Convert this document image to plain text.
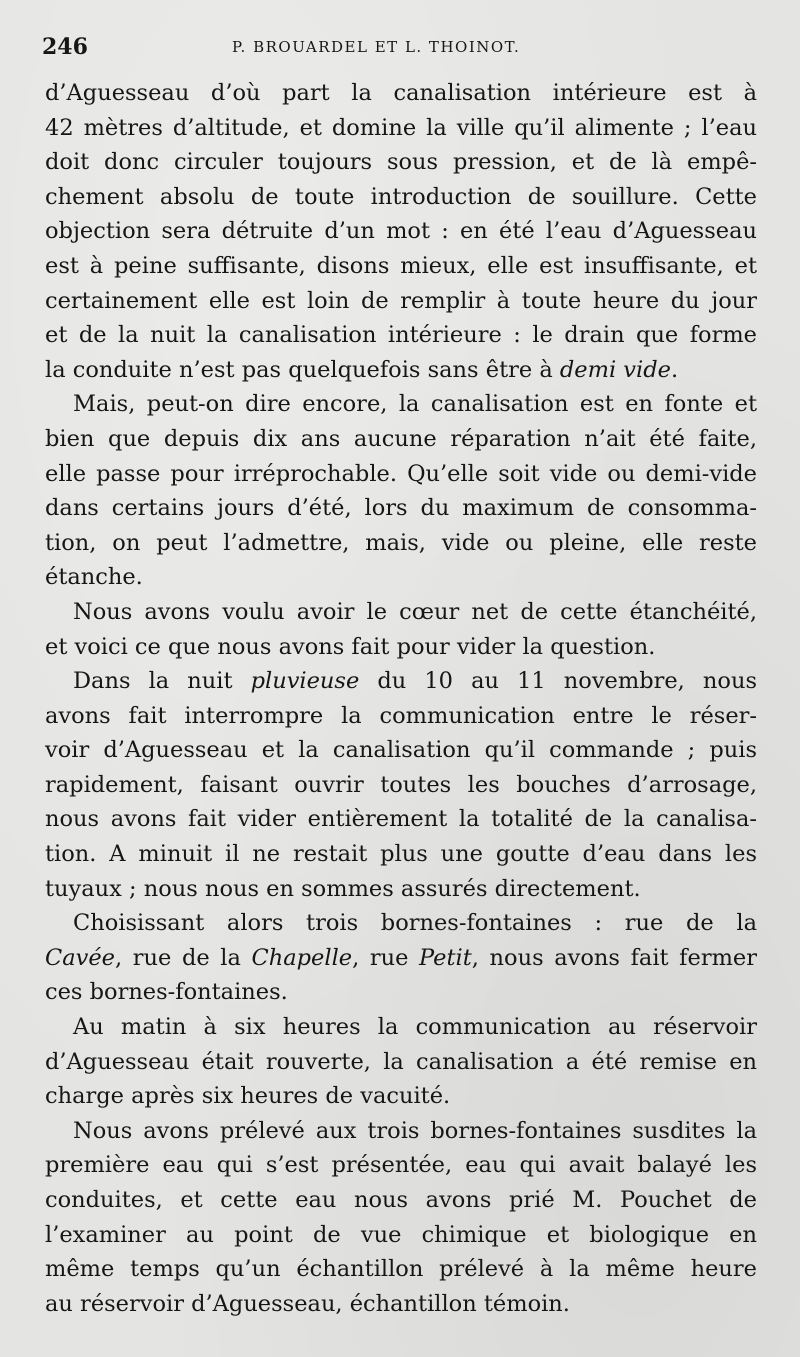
246	P. BROUARDEL ET L. THOINOT.
d’Aguesseau d’où part la canalisation intérieure est à
42 mètres d’altitude, et domine la ville qu’il alimente ; l’eau
doit donc circuler toujours sous pression, et de là empê-
chement absolu de toute introduction de souillure. Cette
objection sera détruite d’un mot : en été l’eau d’Aguesseau
est à peine suffisante, disons mieux, elle est insuffisante, et
certainement elle est loin de remplir à toute heure du jour
et de la nuit la canalisation intérieure : le drain que forme
la conduite n’est pas quelquefois sans être à demi vide.
Mais, peut-on dire encore, la canalisation est en fonte et
bien que depuis dix ans aucune réparation n’ait été faite,
elle passe pour irréprochable. Qu’elle soit vide ou demi-vide
dans certains jours d’été, lors du maximum de consomma-
tion, on peut l’admettre, mais, vide ou pleine, elle reste
étanche.
Nous avons voulu avoir le cœur net de cette étanchéité,
et voici ce que nous avons fait pour vider la question.
Dans la nuit pluvieuse du 10 au 11 novembre, nous
avons fait interrompre la communication entre le réser-
voir d’Aguesseau et la canalisation qu’il commande ; puis
rapidement, faisant ouvrir toutes les bouches d’arrosage,
nous avons fait vider entièrement la totalité de la canalisa-
tion. A minuit il ne restait plus une goutte d’eau dans les
tuyaux ; nous nous en sommes assurés directement.
Choisissant alors trois bornes-fontaines : rue de la
Cavée, rue de la Chapelle, rue Petit, nous avons fait fermer
ces bornes-fontaines.
Au matin à six heures la communication au réservoir
d’Aguesseau était rouverte, la canalisation a été remise en
charge après six heures de vacuité.
Nous avons prélevé aux trois bornes-fontaines susdites la
première eau qui s’est présentée, eau qui avait balayé les
conduites, et cette eau nous avons prié M. Pouchet de
l’examiner au point de vue chimique et biologique en
même temps qu’un échantillon prélevé à la même heure
au réservoir d’Aguesseau, échantillon témoin.
